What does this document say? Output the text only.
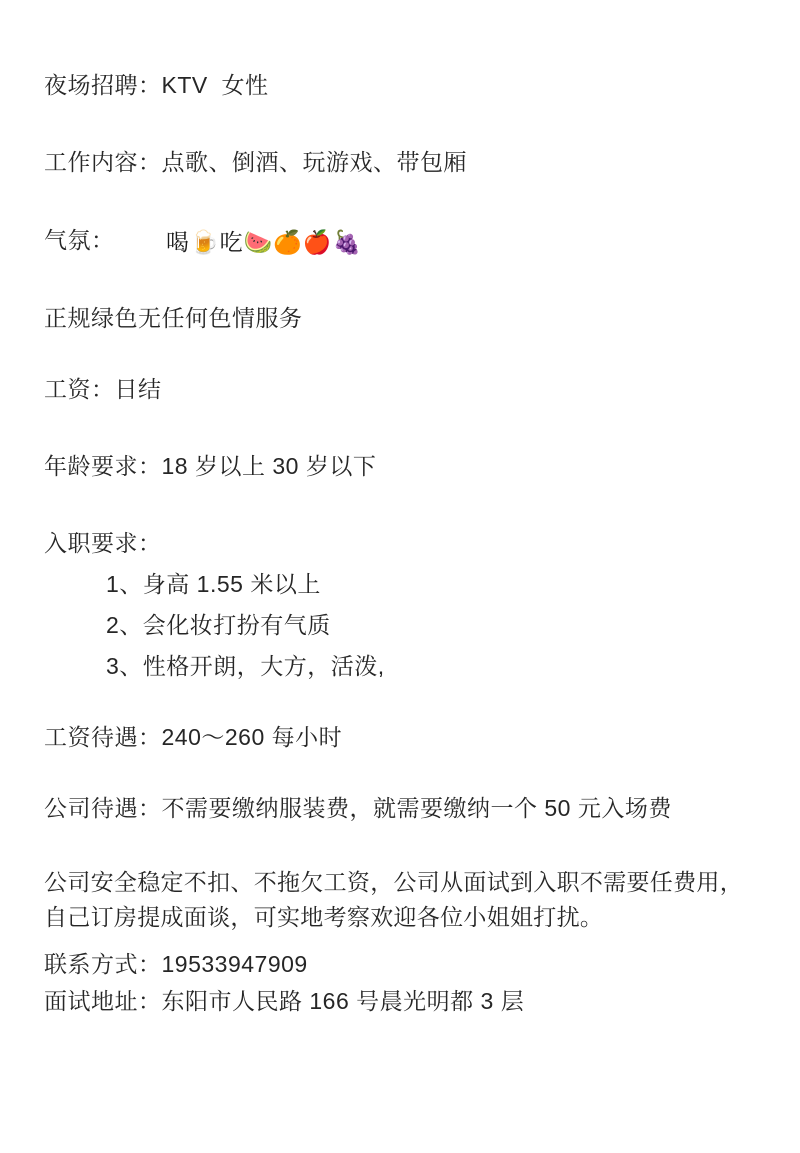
夜场招聘：KTV  女性
工作内容：点歌、倒酒、玩游戏、带包厢
气氛：	喝🍺吃🍉🍊🍎🍇
正规绿色无任何色情服务
工资：日结
年龄要求：18 岁以上 30 岁以下
入职要求：
1、身高 1.55 米以上
2、会化妆打扮有气质
3、性格开朗，大方，活泼,
工资待遇：240～260 每小时
公司待遇：不需要缴纳服装费，就需要缴纳一个 50 元入场费
公司安全稳定不扣、不拖欠工资，公司从面试到入职不需要任费用，自己订房提成面谈，可实地考察欢迎各位小姐姐打扰。
联系方式：19533947909
面试地址：东阳市人民路 166 号晨光明都 3 层
